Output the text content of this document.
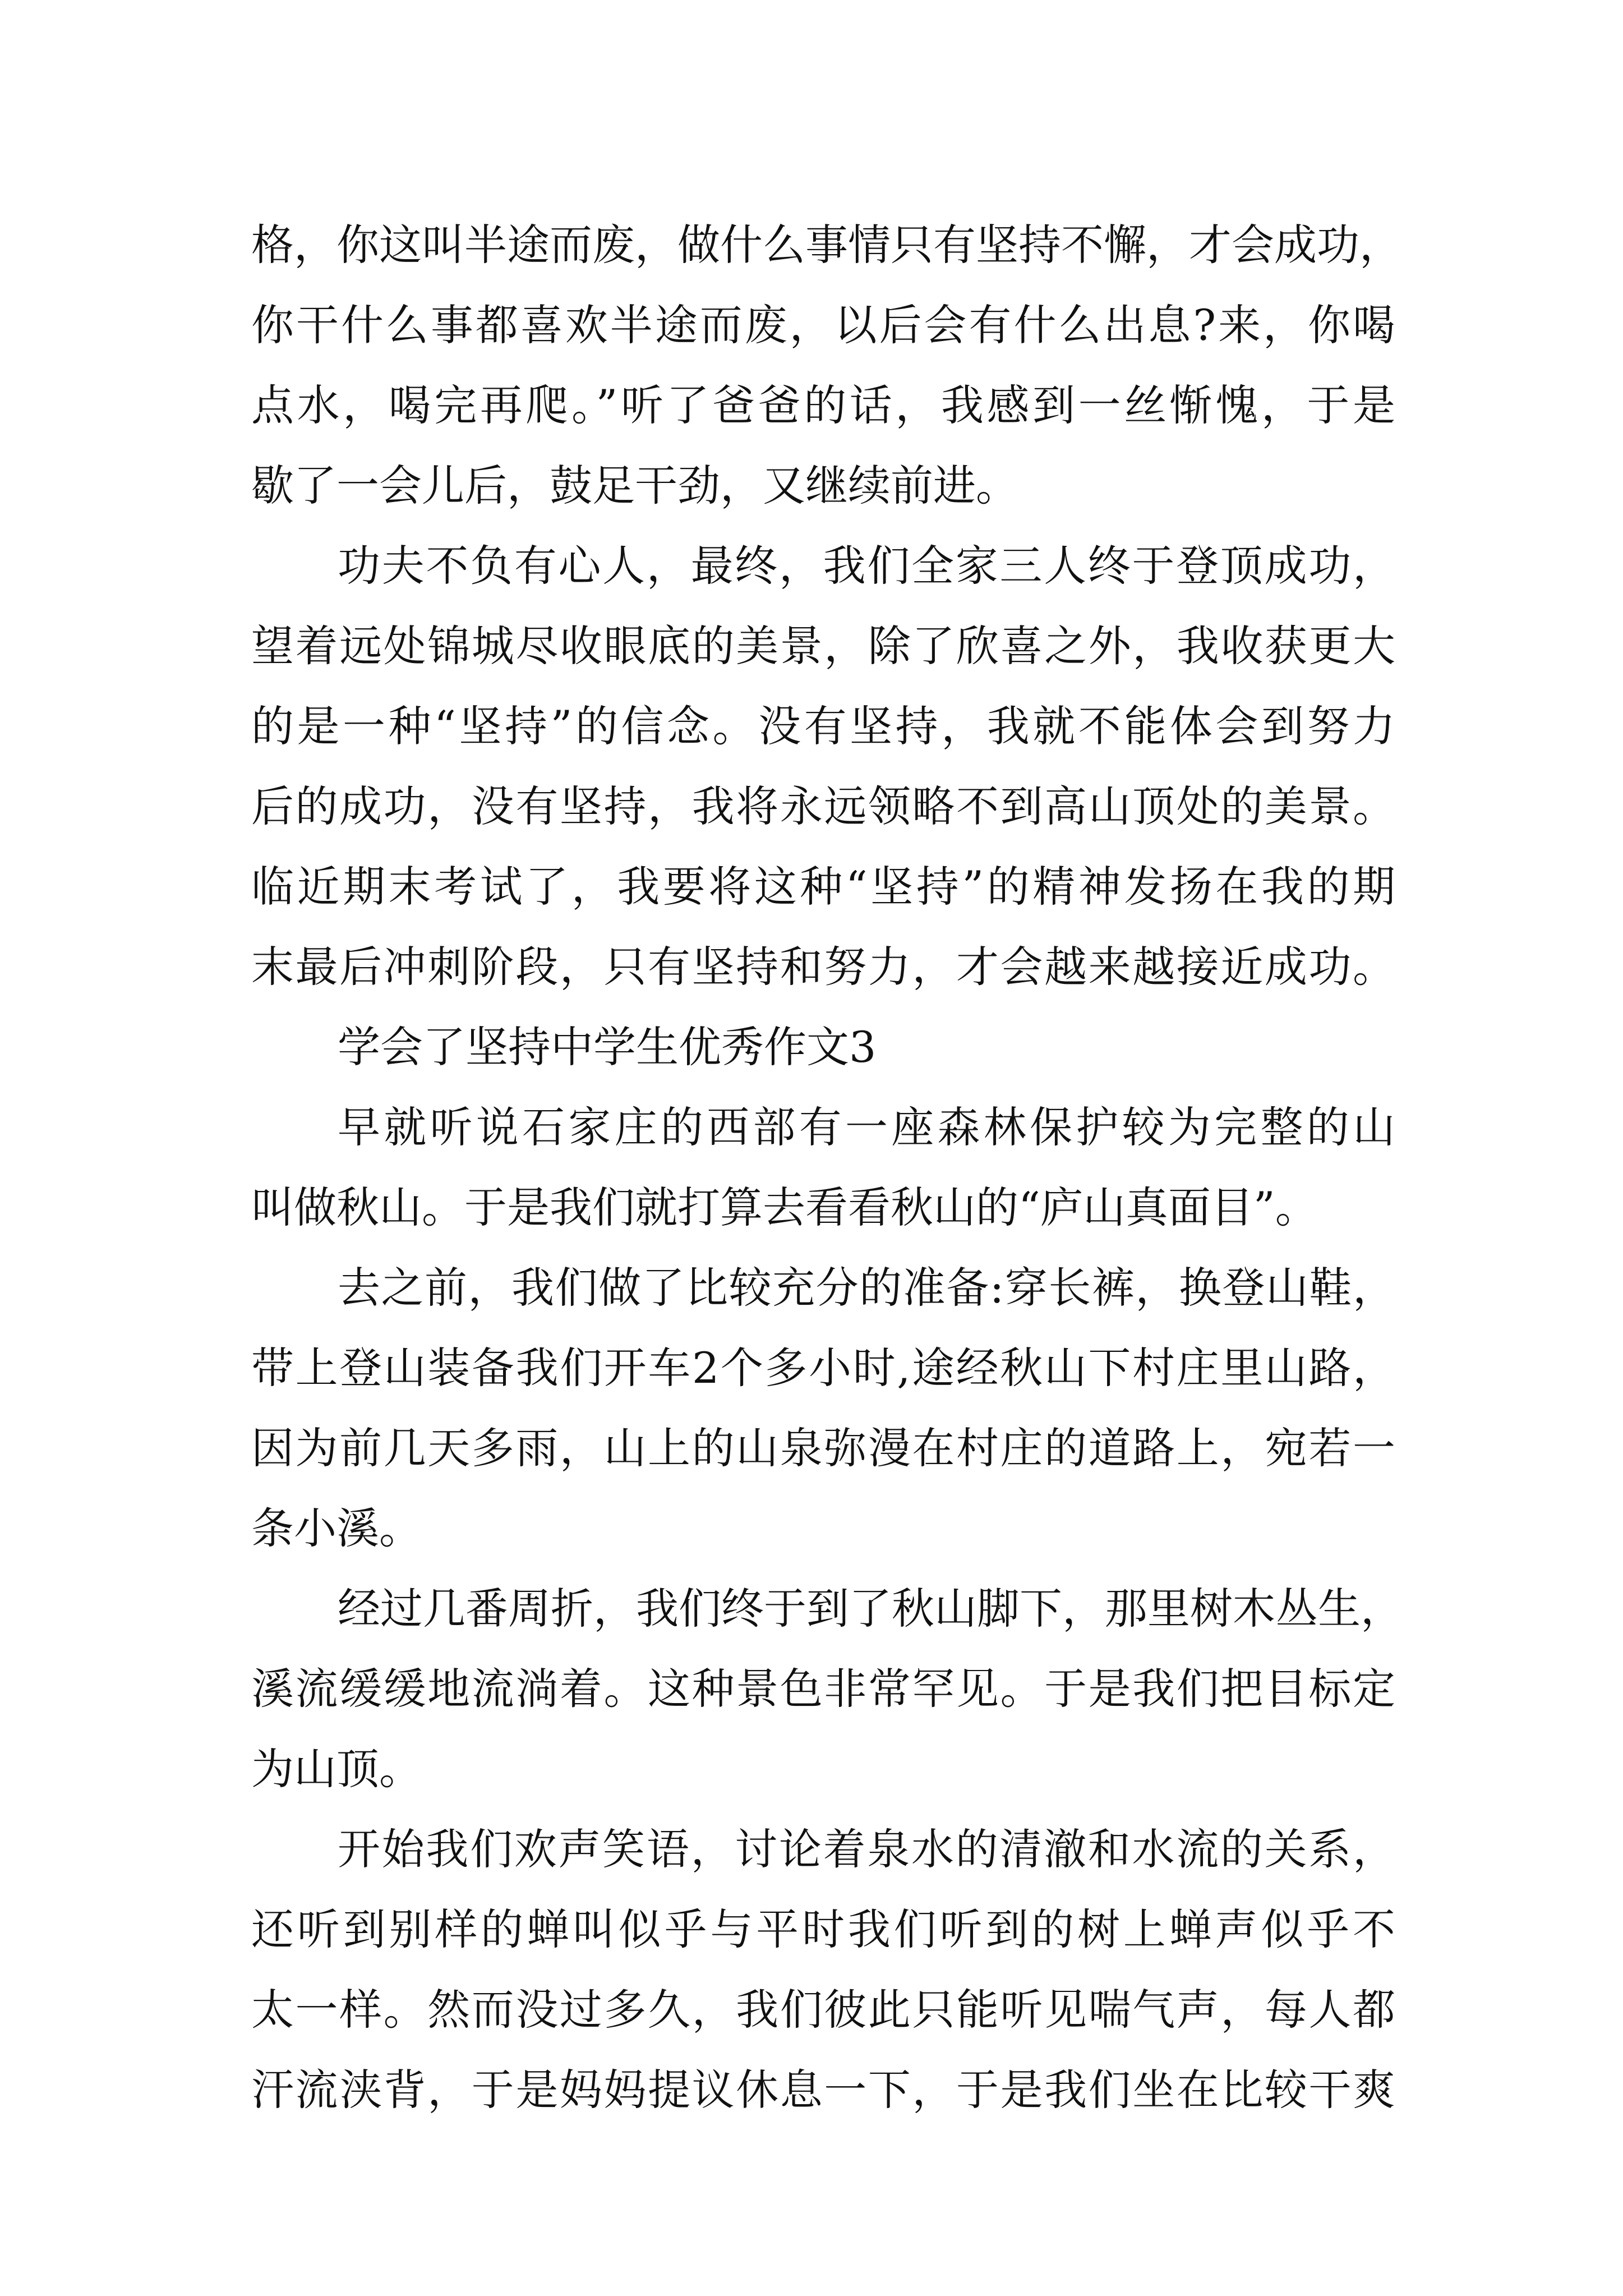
格，你这叫半途而废，做什么事情只有坚持不懈，才会成功，
你干什么事都喜欢半途而废，以后会有什么出息?来，你喝
点水，喝完再爬。”听了爸爸的话，我感到一丝惭愧，于是
歇了一会儿后，鼓足干劲，又继续前进。
功夫不负有心人，最终，我们全家三人终于登顶成功，
望着远处锦城尽收眼底的美景，除了欣喜之外，我收获更大
的是一种“坚持”的信念。没有坚持，我就不能体会到努力
后的成功，没有坚持，我将永远领略不到高山顶处的美景。
临近期末考试了，我要将这种“坚持”的精神发扬在我的期
末最后冲刺阶段，只有坚持和努力，才会越来越接近成功。
学会了坚持中学生优秀作文3
早就听说石家庄的西部有一座森林保护较为完整的山
叫做秋山。于是我们就打算去看看秋山的“庐山真面目”。
去之前，我们做了比较充分的准备:穿长裤，换登山鞋，
带上登山装备我们开车2个多小时,途经秋山下村庄里山路，
因为前几天多雨，山上的山泉弥漫在村庄的道路上，宛若一
条小溪。
经过几番周折，我们终于到了秋山脚下，那里树木丛生，
溪流缓缓地流淌着。这种景色非常罕见。于是我们把目标定
为山顶。
开始我们欢声笑语，讨论着泉水的清澈和水流的关系，
还听到别样的蝉叫似乎与平时我们听到的树上蝉声似乎不
太一样。然而没过多久，我们彼此只能听见喘气声，每人都
汗流浃背，于是妈妈提议休息一下，于是我们坐在比较干爽
